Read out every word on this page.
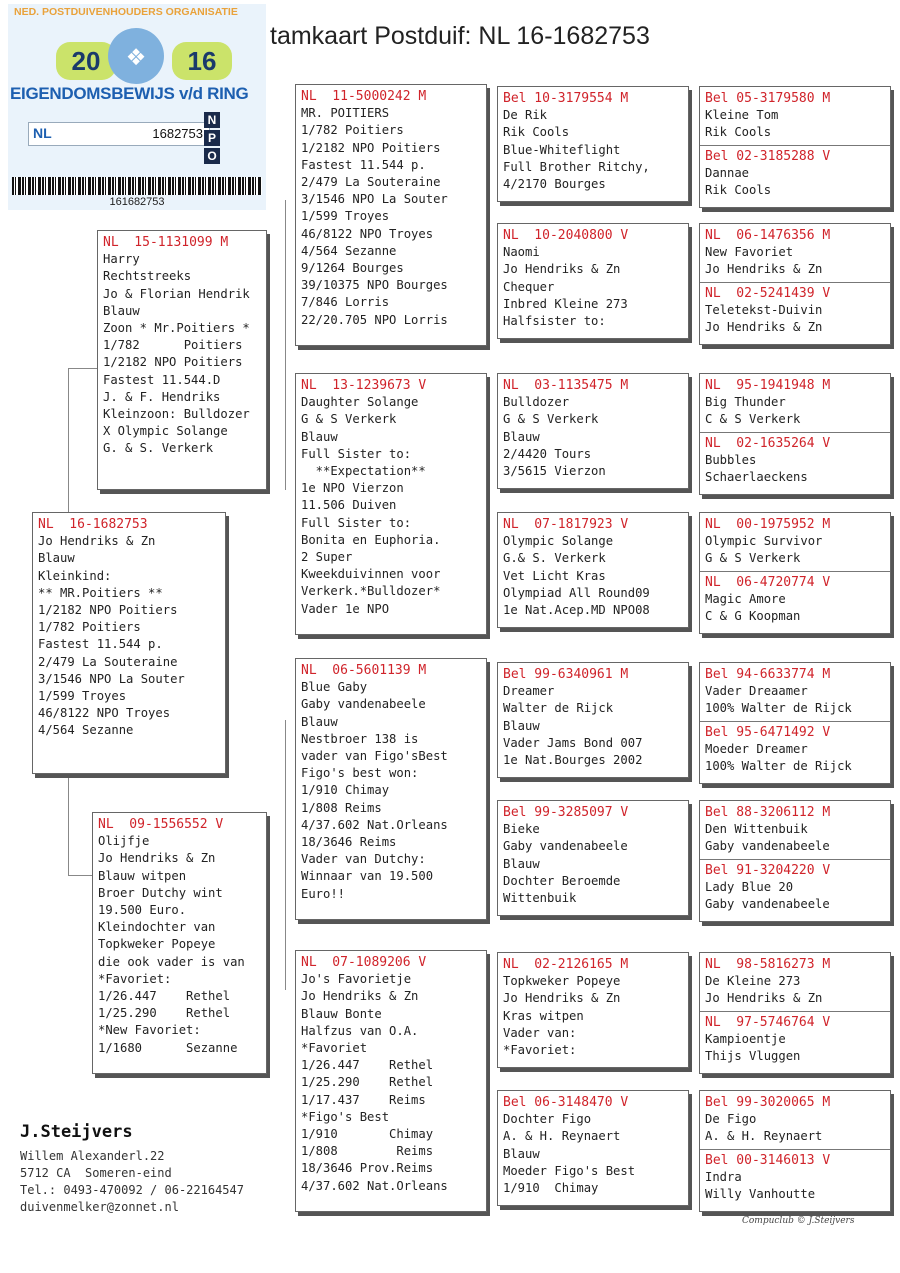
tamkaart Postduif: NL 16-1682753
NED. POSTDUIVENHOUDERS ORGANISATIE
20 ❖	16
EIGENDOMSBEWIJS v/d RING
NL	1682753
N
P
O
161682753
NL  16-1682753
Jo Hendriks & Zn
Blauw
Kleinkind:
** MR.Poitiers **
1/2182 NPO Poitiers
1/782 Poitiers
Fastest 11.544 p.
2/479 La Souteraine
3/1546 NPO La Souter
1/599 Troyes
46/8122 NPO Troyes
4/564 Sezanne
NL  15-1131099 M
Harry
Rechtstreeks
Jo & Florian Hendrik
Blauw
Zoon * Mr.Poitiers *
1/782      Poitiers
1/2182 NPO Poitiers
Fastest 11.544.D
J. & F. Hendriks
Kleinzoon: Bulldozer
X Olympic Solange
G. & S. Verkerk
NL  09-1556552 V
Olijfje
Jo Hendriks & Zn
Blauw witpen
Broer Dutchy wint
19.500 Euro.
Kleindochter van
Topkweker Popeye
die ook vader is van
*Favoriet:
1/26.447    Rethel
1/25.290    Rethel
*New Favoriet:
1/1680      Sezanne
NL  11-5000242 M
MR. POITIERS
1/782 Poitiers
1/2182 NPO Poitiers
Fastest 11.544 p.
2/479 La Souteraine
3/1546 NPO La Souter
1/599 Troyes
46/8122 NPO Troyes
4/564 Sezanne
9/1264 Bourges
39/10375 NPO Bourges
7/846 Lorris
22/20.705 NPO Lorris
NL  13-1239673 V
Daughter Solange
G & S Verkerk
Blauw
Full Sister to:
**Expectation**
1e NPO Vierzon
11.506 Duiven
Full Sister to:
Bonita en Euphoria.
2 Super
Kweekduivinnen voor
Verkerk.*Bulldozer*
Vader 1e NPO
NL  06-5601139 M
Blue Gaby
Gaby vandenabeele
Blauw
Nestbroer 138 is
vader van Figo'sBest
Figo's best won:
1/910 Chimay
1/808 Reims
4/37.602 Nat.Orleans
18/3646 Reims
Vader van Dutchy:
Winnaar van 19.500
Euro!!
NL  07-1089206 V
Jo's Favorietje
Jo Hendriks & Zn
Blauw Bonte
Halfzus van O.A.
*Favoriet
1/26.447    Rethel
1/25.290    Rethel
1/17.437    Reims
*Figo's Best
1/910       Chimay
1/808        Reims
18/3646 Prov.Reims
4/37.602 Nat.Orleans
Bel 10-3179554 M
De Rik
Rik Cools
Blue-Whiteflight
Full Brother Ritchy,
4/2170 Bourges
NL  10-2040800 V
Naomi
Jo Hendriks & Zn
Chequer
Inbred Kleine 273
Halfsister to:
NL  03-1135475 M
Bulldozer
G & S Verkerk
Blauw
2/4420 Tours
3/5615 Vierzon
NL  07-1817923 V
Olympic Solange
G.& S. Verkerk
Vet Licht Kras
Olympiad All Round09
1e Nat.Acep.MD NPO08
Bel 99-6340961 M
Dreamer
Walter de Rijck
Blauw
Vader Jams Bond 007
1e Nat.Bourges 2002
Bel 99-3285097 V
Bieke
Gaby vandenabeele
Blauw
Dochter Beroemde
Wittenbuik
NL  02-2126165 M
Topkweker Popeye
Jo Hendriks & Zn
Kras witpen
Vader van:
*Favoriet:
Bel 06-3148470 V
Dochter Figo
A. & H. Reynaert
Blauw
Moeder Figo's Best
1/910  Chimay
Bel 05-3179580 M
Kleine Tom
Rik Cools
Bel 02-3185288 V
Dannae
Rik Cools
NL  06-1476356 M
New Favoriet
Jo Hendriks & Zn
NL  02-5241439 V
Teletekst-Duivin
Jo Hendriks & Zn
NL  95-1941948 M
Big Thunder
C & S Verkerk
NL  02-1635264 V
Bubbles
Schaerlaeckens
NL  00-1975952 M
Olympic Survivor
G & S Verkerk
NL  06-4720774 V
Magic Amore
C & G Koopman
Bel 94-6633774 M
Vader Dreaamer
100% Walter de Rijck
Bel 95-6471492 V
Moeder Dreamer
100% Walter de Rijck
Bel 88-3206112 M
Den Wittenbuik
Gaby vandenabeele
Bel 91-3204220 V
Lady Blue 20
Gaby vandenabeele
NL  98-5816273 M
De Kleine 273
Jo Hendriks & Zn
NL  97-5746764 V
Kampioentje
Thijs Vluggen
Bel 99-3020065 M
De Figo
A. & H. Reynaert
Bel 00-3146013 V
Indra
Willy Vanhoutte
J.Steijvers
Willem Alexanderl.22
5712 CA  Someren-eind
Tel.: 0493-470092 / 06-22164547
duivenmelker@zonnet.nl
Compuclub © J.Steijvers
